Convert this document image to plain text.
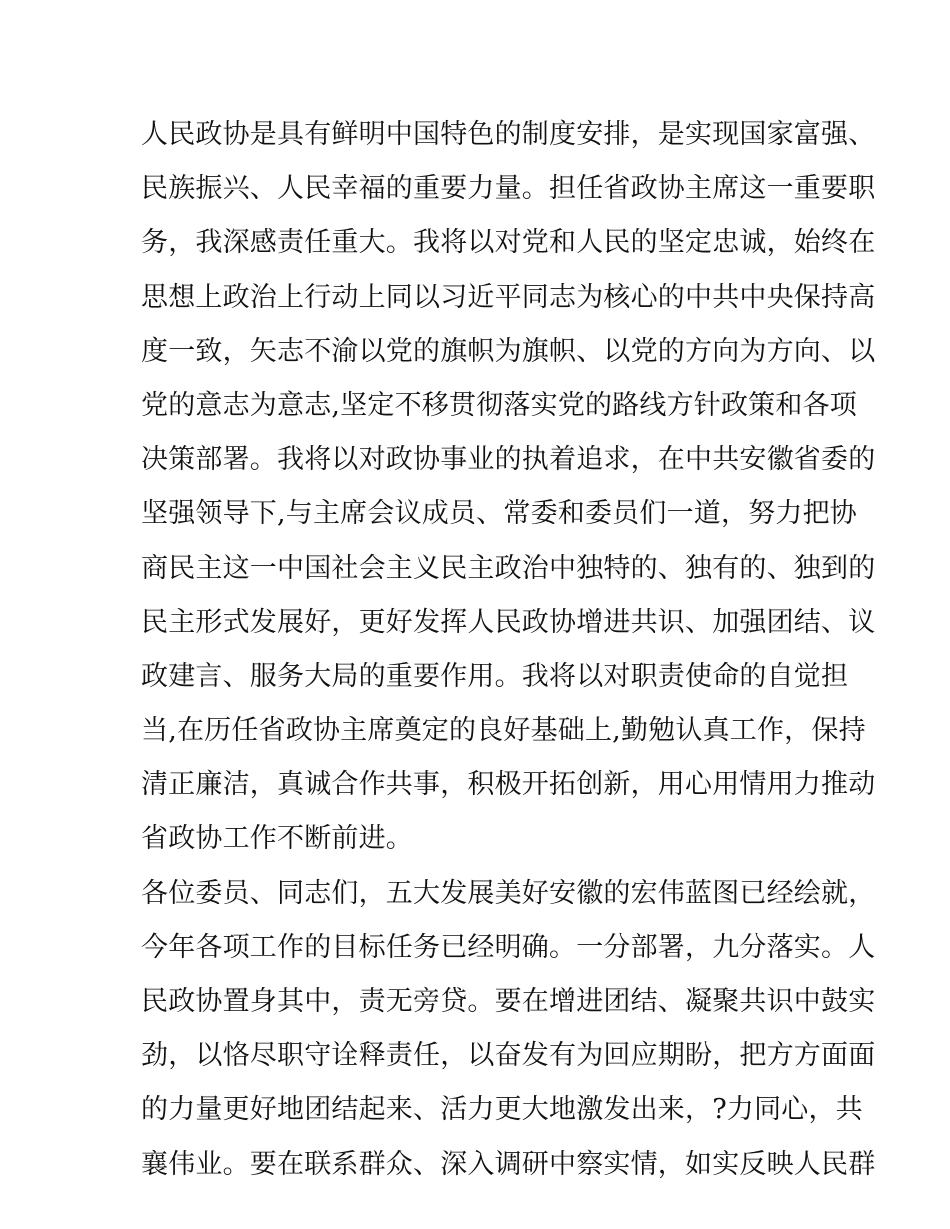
人民政协是具有鲜明中国特色的制度安排，是实现国家富强、
民族振兴、人民幸福的重要力量。担任省政协主席这一重要职
务，我深感责任重大。我将以对党和人民的坚定忠诚，始终在
思想上政治上行动上同以习近平同志为核心的中共中央保持高
度一致，矢志不渝以党的旗帜为旗帜、以党的方向为方向、以
党的意志为意志,坚定不移贯彻落实党的路线方针政策和各项
决策部署。我将以对政协事业的执着追求，在中共安徽省委的
坚强领导下,与主席会议成员、常委和委员们一道，努力把协
商民主这一中国社会主义民主政治中独特的、独有的、独到的
民主形式发展好，更好发挥人民政协增进共识、加强团结、议
政建言、服务大局的重要作用。我将以对职责使命的自觉担
当,在历任省政协主席奠定的良好基础上,勤勉认真工作，保持
清正廉洁，真诚合作共事，积极开拓创新，用心用情用力推动
省政协工作不断前进。
各位委员、同志们，五大发展美好安徽的宏伟蓝图已经绘就，
今年各项工作的目标任务已经明确。一分部署，九分落实。人
民政协置身其中，责无旁贷。要在增进团结、凝聚共识中鼓实
劲，以恪尽职守诠释责任，以奋发有为回应期盼，把方方面面
的力量更好地团结起来、活力更大地激发出来，?力同心，共
襄伟业。要在联系群众、深入调研中察实情，如实反映人民群
